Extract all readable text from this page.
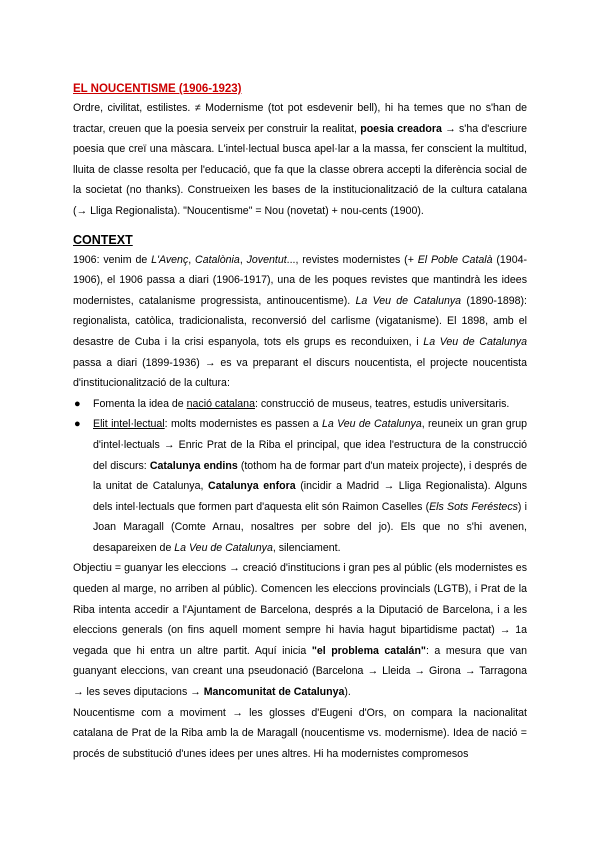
EL NOUCENTISME (1906-1923)

Ordre, civilitat, estilistes. ≠ Modernisme (tot pot esdevenir bell), hi ha temes que no s'han de tractar, creuen que la poesia serveix per construir la realitat, poesia creadora → s'ha d'escriure poesia que creï una màscara. L'intel·lectual busca apel·lar a la massa, fer conscient la multitud, lluita de classe resolta per l'educació, que fa que la classe obrera accepti la diferència social de la societat (no thanks). Construeixen les bases de la institucionalització de la cultura catalana (→ Lliga Regionalista). "Noucentisme" = Nou (novetat) + nou-cents (1900).

CONTEXT

1906: venim de L'Avenç, Catalònia, Joventut..., revistes modernistes (+ El Poble Català (1904-1906), el 1906 passa a diari (1906-1917), una de les poques revistes que mantindrà les idees modernistes, catalanisme progressista, antinoucentisme). La Veu de Catalunya (1890-1898): regionalista, catòlica, tradicionalista, reconversió del carlisme (vigatanisme). El 1898, amb el desastre de Cuba i la crisi espanyola, tots els grups es reconduixen, i La Veu de Catalunya passa a diari (1899-1936) → es va preparant el discurs noucentista, el projecte noucentista d'institucionalització de la cultura:

● Fomenta la idea de nació catalana: construcció de museus, teatres, estudis universitaris.
● Elit intel·lectual: molts modernistes es passen a La Veu de Catalunya, reuneix un gran grup d'intel·lectuals → Enric Prat de la Riba el principal, que idea l'estructura de la construcció del discurs: Catalunya endins (tothom ha de formar part d'un mateix projecte), i després de la unitat de Catalunya, Catalunya enfora (incidir a Madrid → Lliga Regionalista). Alguns dels intel·lectuals que formen part d'aquesta elit són Raimon Caselles (Els Sots Feréstecs) i Joan Maragall (Comte Arnau, nosaltres per sobre del jo). Els que no s'hi avenen, desapareixen de La Veu de Catalunya, silenciament.

Objectiu = guanyar les eleccions → creació d'institucions i gran pes al públic (els modernistes es queden al marge, no arriben al públic). Comencen les eleccions provincials (LGTB), i Prat de la Riba intenta accedir a l'Ajuntament de Barcelona, després a la Diputació de Barcelona, i a les eleccions generals (on fins aquell moment sempre hi havia hagut bipartidisme pactat) → 1a vegada que hi entra un altre partit. Aquí inicia "el problema catalán": a mesura que van guanyant eleccions, van creant una pseudonació (Barcelona → Lleida → Girona → Tarragona → les seves diputacions → Mancomunitat de Catalunya).

Noucentisme com a moviment → les glosses d'Eugeni d'Ors, on compara la nacionalitat catalana de Prat de la Riba amb la de Maragall (noucentisme vs. modernisme). Idea de nació = procés de substitució d'unes idees per unes altres. Hi ha modernistes compromesos
